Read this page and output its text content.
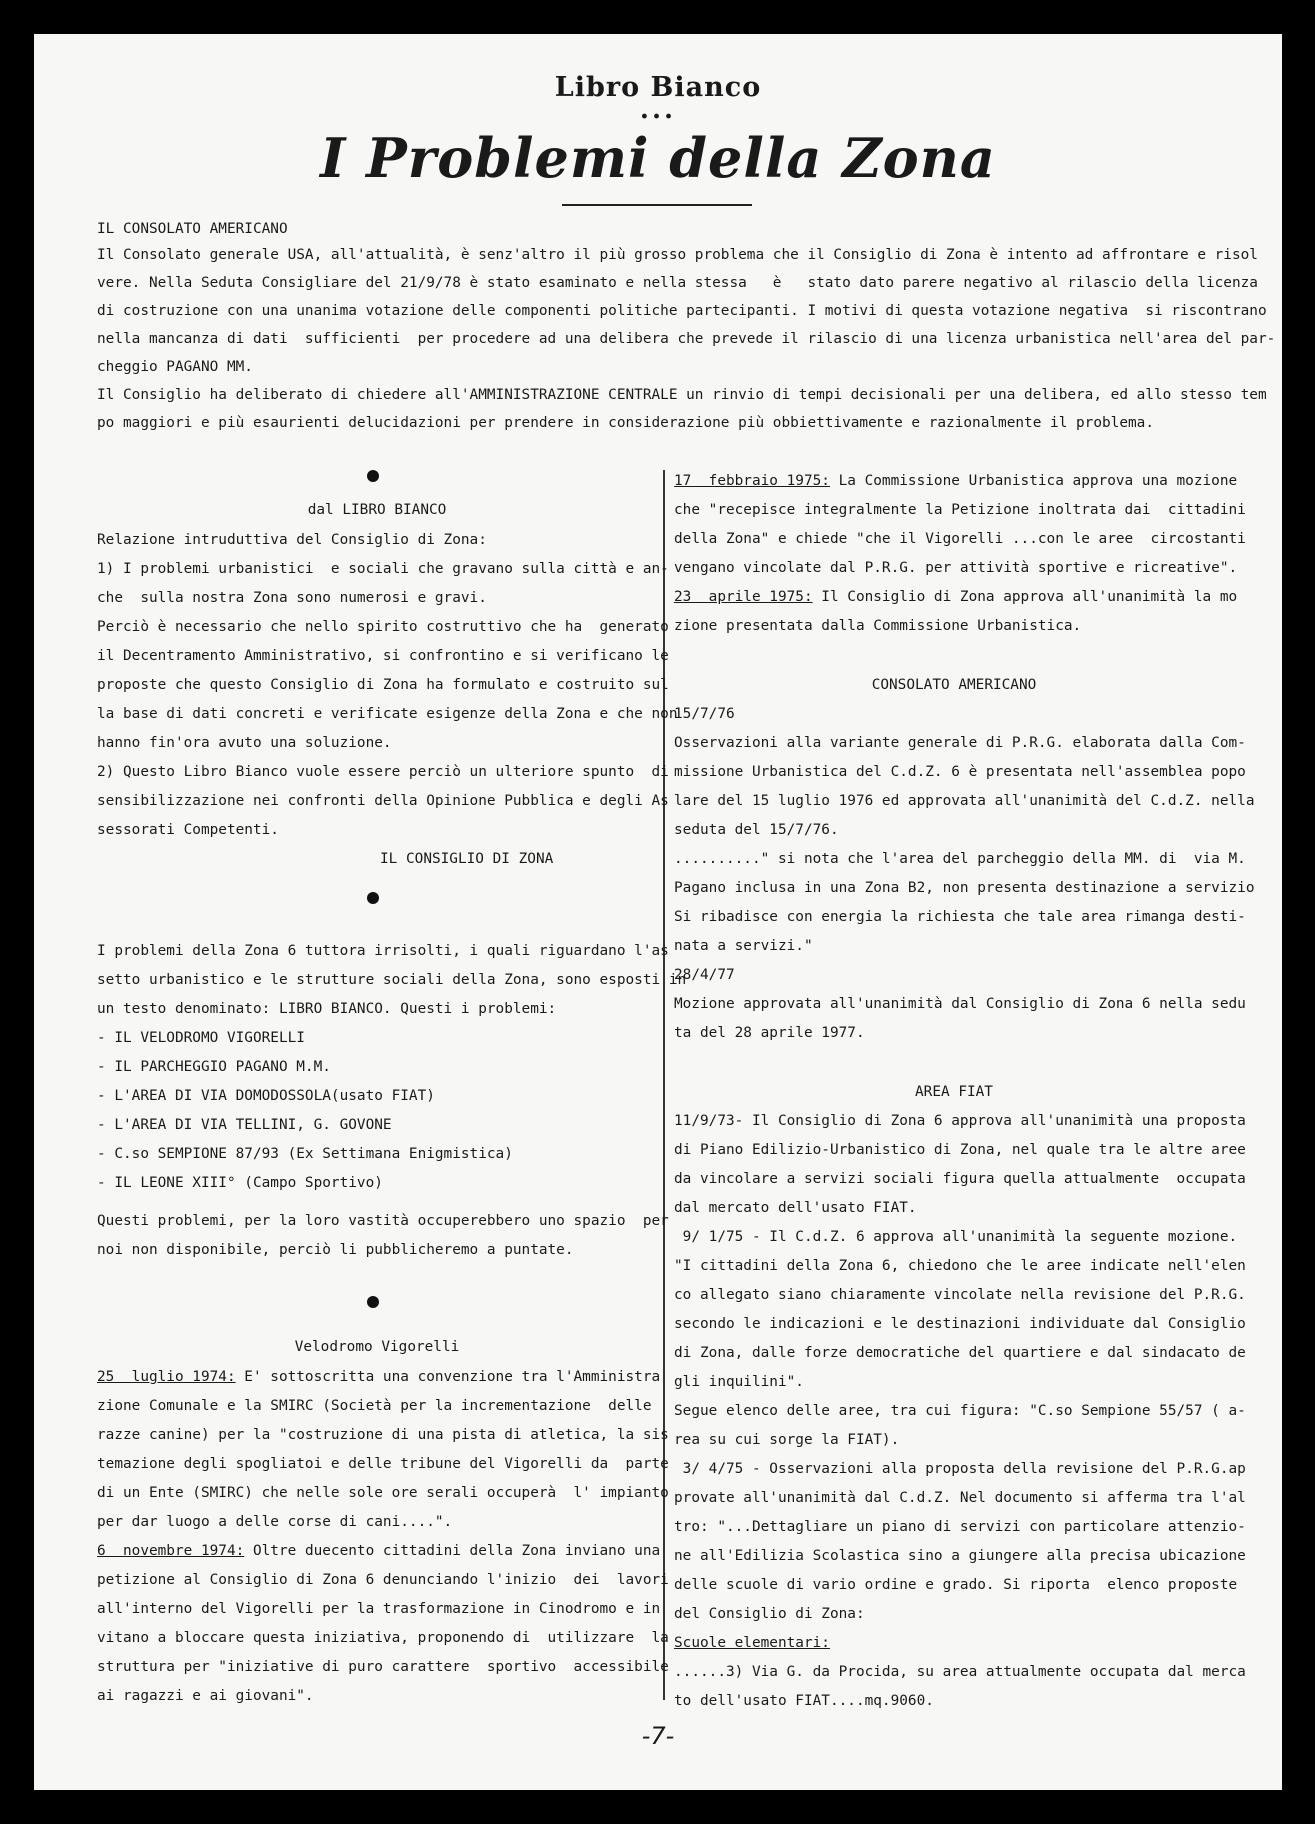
Libro Bianco
...
I Problemi della Zona
IL CONSOLATO AMERICANO
Il Consolato generale USA, all'attualità, è senz'altro il più grosso problema che il Consiglio di Zona è intento ad affrontare e risol
vere. Nella Seduta Consigliare del 21/9/78 è stato esaminato e nella stessa   è   stato dato parere negativo al rilascio della licenza
di costruzione con una unanima votazione delle componenti politiche partecipanti. I motivi di questa votazione negativa  si riscontrano
nella mancanza di dati  sufficienti  per procedere ad una delibera che prevede il rilascio di una licenza urbanistica nell'area del par-
cheggio PAGANO MM.
Il Consiglio ha deliberato di chiedere all'AMMINISTRAZIONE CENTRALE un rinvio di tempi decisionali per una delibera, ed allo stesso tem
po maggiori e più esaurienti delucidazioni per prendere in considerazione più obbiettivamente e razionalmente il problema.
dal LIBRO BIANCO
Relazione intruduttiva del Consiglio di Zona:
1) I problemi urbanistici  e sociali che gravano sulla città e an-
che  sulla nostra Zona sono numerosi e gravi.
Perciò è necessario che nello spirito costruttivo che ha  generato
il Decentramento Amministrativo, si confrontino e si verificano le
proposte che questo Consiglio di Zona ha formulato e costruito sul
la base di dati concreti e verificate esigenze della Zona e che non
hanno fin'ora avuto una soluzione.
2) Questo Libro Bianco vuole essere perciò un ulteriore spunto  di
sensibilizzazione nei confronti della Opinione Pubblica e degli As
sessorati Competenti.
IL CONSIGLIO DI ZONA
I problemi della Zona 6 tuttora irrisolti, i quali riguardano l'as
setto urbanistico e le strutture sociali della Zona, sono esposti in
un testo denominato: LIBRO BIANCO. Questi i problemi:
- IL VELODROMO VIGORELLI
- IL PARCHEGGIO PAGANO M.M.
- L'AREA DI VIA DOMODOSSOLA(usato FIAT)
- L'AREA DI VIA TELLINI, G. GOVONE
- C.so SEMPIONE 87/93 (Ex Settimana Enigmistica)
- IL LEONE XIII° (Campo Sportivo)
Questi problemi, per la loro vastità occuperebbero uno spazio  per
noi non disponibile, perciò li pubblicheremo a puntate.
Velodromo Vigorelli
25  luglio 1974: E' sottoscritta una convenzione tra l'Amministra
zione Comunale e la SMIRC (Società per la incrementazione  delle
razze canine) per la "costruzione di una pista di atletica, la sis
temazione degli spogliatoi e delle tribune del Vigorelli da  parte
di un Ente (SMIRC) che nelle sole ore serali occuperà  l' impianto
per dar luogo a delle corse di cani....".
6  novembre 1974: Oltre duecento cittadini della Zona inviano una
petizione al Consiglio di Zona 6 denunciando l'inizio  dei  lavori
all'interno del Vigorelli per la trasformazione in Cinodromo e in
vitano a bloccare questa iniziativa, proponendo di  utilizzare  la
struttura per "iniziative di puro carattere  sportivo  accessibile
ai ragazzi e ai giovani".
17  febbraio 1975: La Commissione Urbanistica approva una mozione
che "recepisce integralmente la Petizione inoltrata dai  cittadini
della Zona" e chiede "che il Vigorelli ...con le aree  circostanti
vengano vincolate dal P.R.G. per attività sportive e ricreative".
23  aprile 1975: Il Consiglio di Zona approva all'unanimità la mo
zione presentata dalla Commissione Urbanistica.
CONSOLATO AMERICANO
15/7/76
Osservazioni alla variante generale di P.R.G. elaborata dalla Com-
missione Urbanistica del C.d.Z. 6 è presentata nell'assemblea popo
lare del 15 luglio 1976 ed approvata all'unanimità del C.d.Z. nella
seduta del 15/7/76.
.........." si nota che l'area del parcheggio della MM. di  via M.
Pagano inclusa in una Zona B2, non presenta destinazione a servizio
Si ribadisce con energia la richiesta che tale area rimanga desti-
nata a servizi."
28/4/77
Mozione approvata all'unanimità dal Consiglio di Zona 6 nella sedu
ta del 28 aprile 1977.
AREA FIAT
11/9/73- Il Consiglio di Zona 6 approva all'unanimità una proposta
di Piano Edilizio-Urbanistico di Zona, nel quale tra le altre aree
da vincolare a servizi sociali figura quella attualmente  occupata
dal mercato dell'usato FIAT.
9/ 1/75 - Il C.d.Z. 6 approva all'unanimità la seguente mozione.
"I cittadini della Zona 6, chiedono che le aree indicate nell'elen
co allegato siano chiaramente vincolate nella revisione del P.R.G.
secondo le indicazioni e le destinazioni individuate dal Consiglio
di Zona, dalle forze democratiche del quartiere e dal sindacato de
gli inquilini".
Segue elenco delle aree, tra cui figura: "C.so Sempione 55/57 ( a-
rea su cui sorge la FIAT).
3/ 4/75 - Osservazioni alla proposta della revisione del P.R.G.ap
provate all'unanimità dal C.d.Z. Nel documento si afferma tra l'al
tro: "...Dettagliare un piano di servizi con particolare attenzio-
ne all'Edilizia Scolastica sino a giungere alla precisa ubicazione
delle scuole di vario ordine e grado. Si riporta  elenco proposte
del Consiglio di Zona:
Scuole elementari:
......3) Via G. da Procida, su area attualmente occupata dal merca
to dell'usato FIAT....mq.9060.
-7-
